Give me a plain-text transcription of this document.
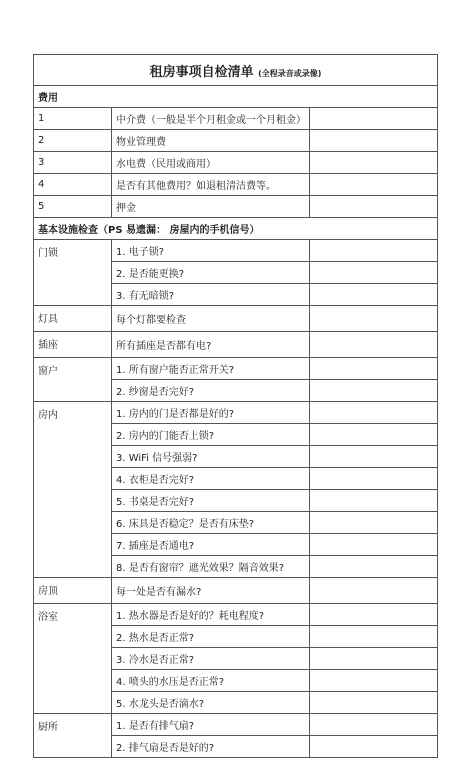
租房事项自检清单 (全程录音或录像)		
费用		
1	中介费（一般是半个月租金或一个月租金）	
2	物业管理费	
3	水电费（民用或商用）	
4	是否有其他费用？如退租清洁费等。	
5	押金	
基本设施检查（PS 易遗漏： 房屋内的手机信号）		
门锁	1. 电子锁?	
	2. 是否能更换?	
	3. 有无暗锁?	
灯具	每个灯都要检查	
插座	所有插座是否都有电?	
窗户	1. 所有窗户能否正常开关?	
	2. 纱窗是否完好?	
房内	1. 房内的门是否都是好的?	
	2. 房内的门能否上锁?	
	3. WiFi 信号强弱?	
	4. 衣柜是否完好?	
	5. 书桌是否完好?	
	6. 床具是否稳定？是否有床垫?	
	7. 插座是否通电?	
	8. 是否有窗帘？遮光效果？隔音效果?	
房顶	每一处是否有漏水?	
浴室	1. 热水器是否是好的？耗电程度?	
	2. 热水是否正常?	
	3. 冷水是否正常?	
	4. 喷头的水压是否正常?	
	5. 水龙头是否滴水?	
厨所	1. 是否有排气扇?	
	2. 排气扇是否是好的?	
